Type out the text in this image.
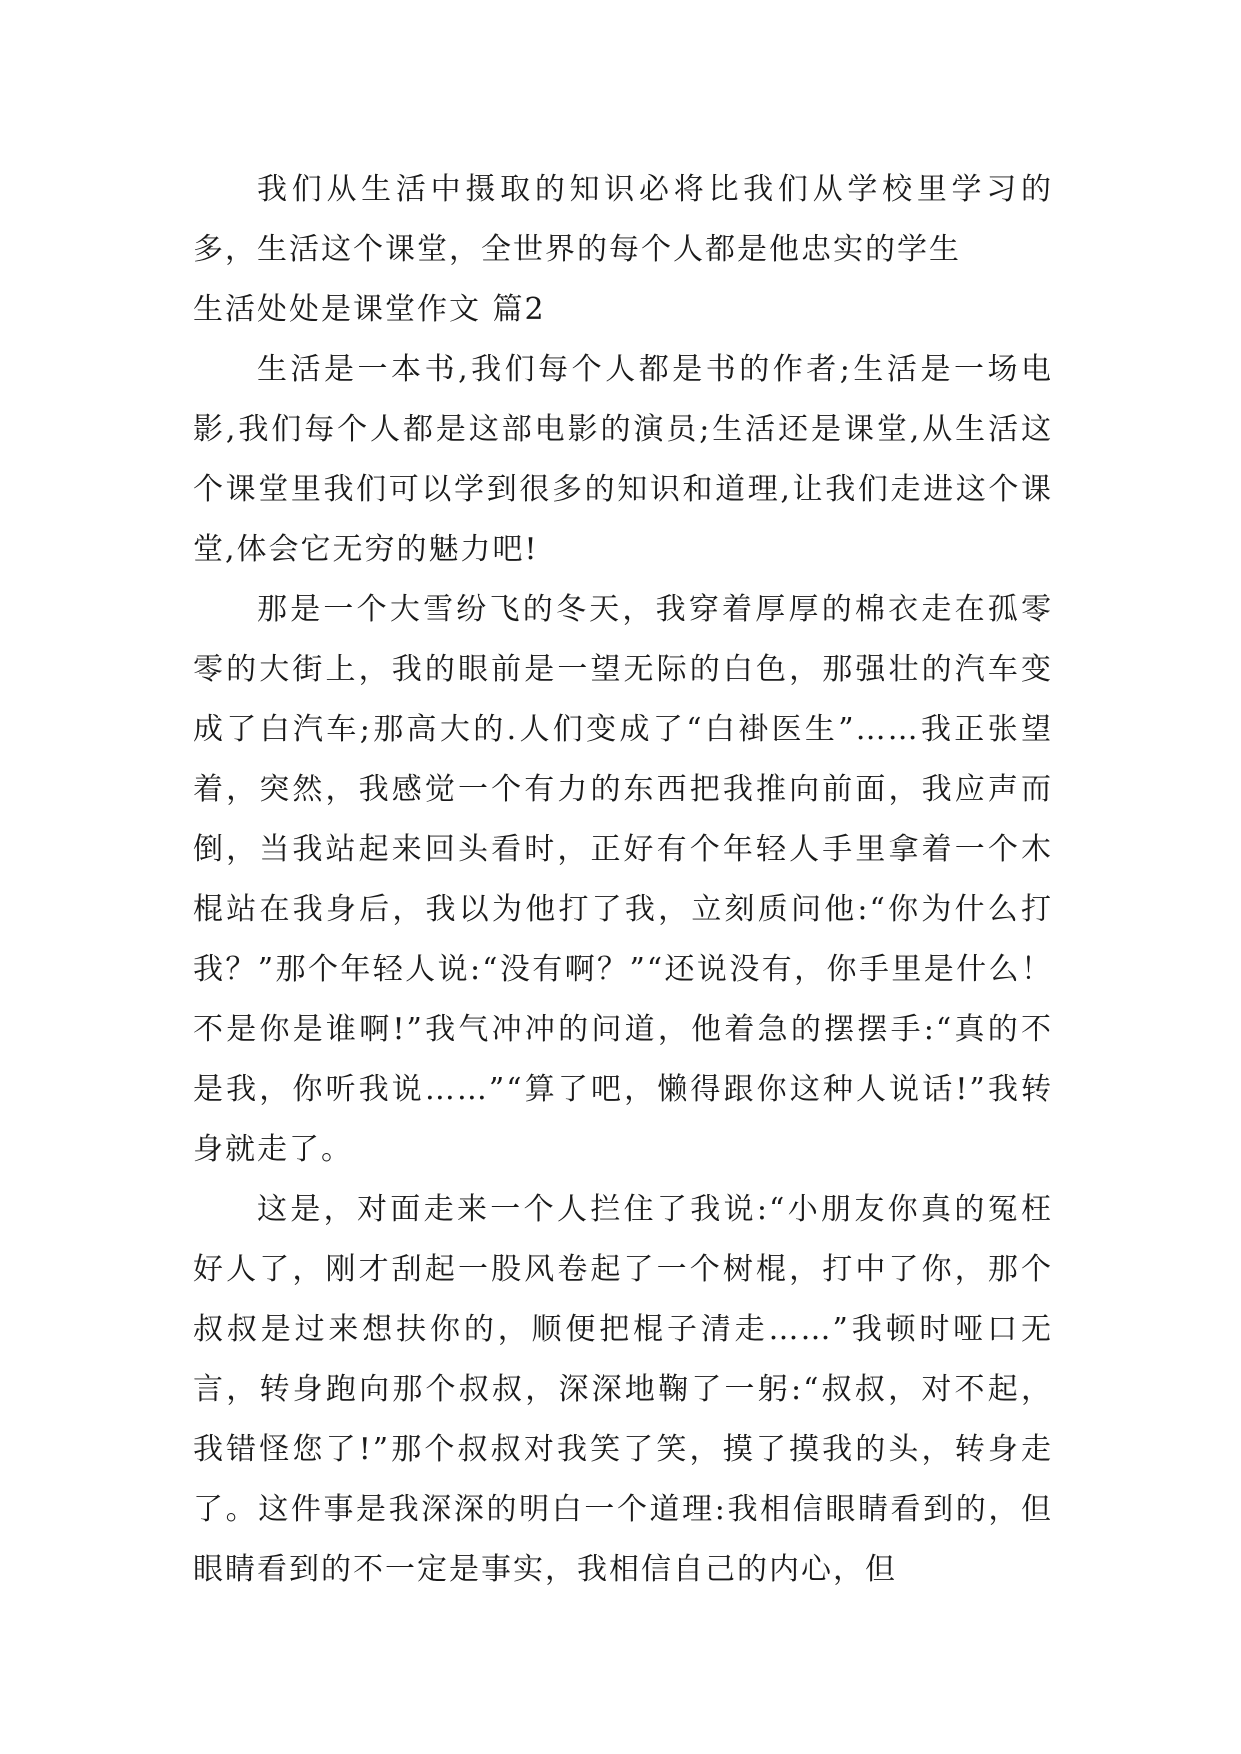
我们从生活中摄取的知识必将比我们从学校里学习的多，生活这个课堂，全世界的每个人都是他忠实的学生

生活处处是课堂作文 篇2

生活是一本书,我们每个人都是书的作者;生活是一场电影,我们每个人都是这部电影的演员;生活还是课堂,从生活这个课堂里我们可以学到很多的知识和道理,让我们走进这个课堂,体会它无穷的魅力吧!

那是一个大雪纷飞的冬天，我穿着厚厚的棉衣走在孤零零的大街上，我的眼前是一望无际的白色，那强壮的汽车变成了白汽车;那高大的.人们变成了“白褂医生”……我正张望着，突然，我感觉一个有力的东西把我推向前面，我应声而倒，当我站起来回头看时，正好有个年轻人手里拿着一个木棍站在我身后，我以为他打了我，立刻质问他:“你为什么打我？”那个年轻人说:“没有啊？”“还说没有，你手里是什么！不是你是谁啊!”我气冲冲的问道，他着急的摆摆手:“真的不是我，你听我说……”“算了吧，懒得跟你这种人说话!”我转身就走了。

这是，对面走来一个人拦住了我说:“小朋友你真的冤枉好人了，刚才刮起一股风卷起了一个树棍，打中了你，那个叔叔是过来想扶你的，顺便把棍子清走……”我顿时哑口无言，转身跑向那个叔叔，深深地鞠了一躬:“叔叔，对不起，我错怪您了!”那个叔叔对我笑了笑，摸了摸我的头，转身走了。这件事是我深深的明白一个道理:我相信眼睛看到的，但眼睛看到的不一定是事实，我相信自己的内心，但
